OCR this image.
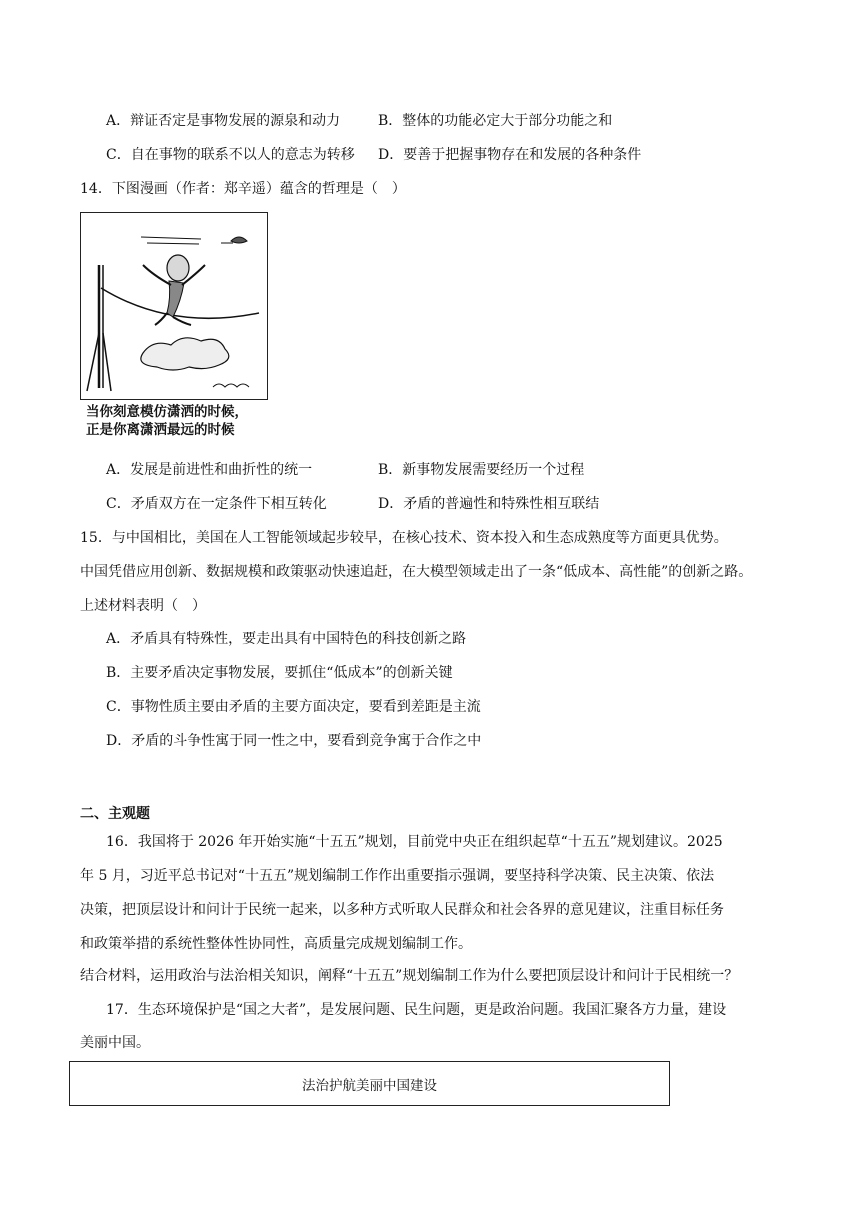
A．辩证否定是事物发展的源泉和动力	B．整体的功能必定大于部分功能之和
C．自在事物的联系不以人的意志为转移 D．要善于把握事物存在和发展的各种条件
14．下图漫画（作者：郑辛遥）蕴含的哲理是（　）
当你刻意模仿潇洒的时候，
正是你离潇洒最远的时候
A．发展是前进性和曲折性的统一	B．新事物发展需要经历一个过程
C．矛盾双方在一定条件下相互转化	D．矛盾的普遍性和特殊性相互联结
15．与中国相比，美国在人工智能领域起步较早，在核心技术、资本投入和生态成熟度等方面更具优势。
中国凭借应用创新、数据规模和政策驱动快速追赶，在大模型领域走出了一条“低成本、高性能”的创新之路。
上述材料表明（　）
A．矛盾具有特殊性，要走出具有中国特色的科技创新之路
B．主要矛盾决定事物发展，要抓住“低成本”的创新关键
C．事物性质主要由矛盾的主要方面决定，要看到差距是主流
D．矛盾的斗争性寓于同一性之中，要看到竞争寓于合作之中
二、主观题
16．我国将于 2026 年开始实施“十五五”规划，目前党中央正在组织起草“十五五”规划建议。2025
年 5 月，习近平总书记对“十五五”规划编制工作作出重要指示强调，要坚持科学决策、民主决策、依法
决策，把顶层设计和问计于民统一起来，以多种方式听取人民群众和社会各界的意见建议，注重目标任务
和政策举措的系统性整体性协同性，高质量完成规划编制工作。
结合材料，运用政治与法治相关知识，阐释“十五五”规划编制工作为什么要把顶层设计和问计于民相统一？
17．生态环境保护是“国之大者”，是发展问题、民生问题，更是政治问题。我国汇聚各方力量，建设
美丽中国。
法治护航美丽中国建设
